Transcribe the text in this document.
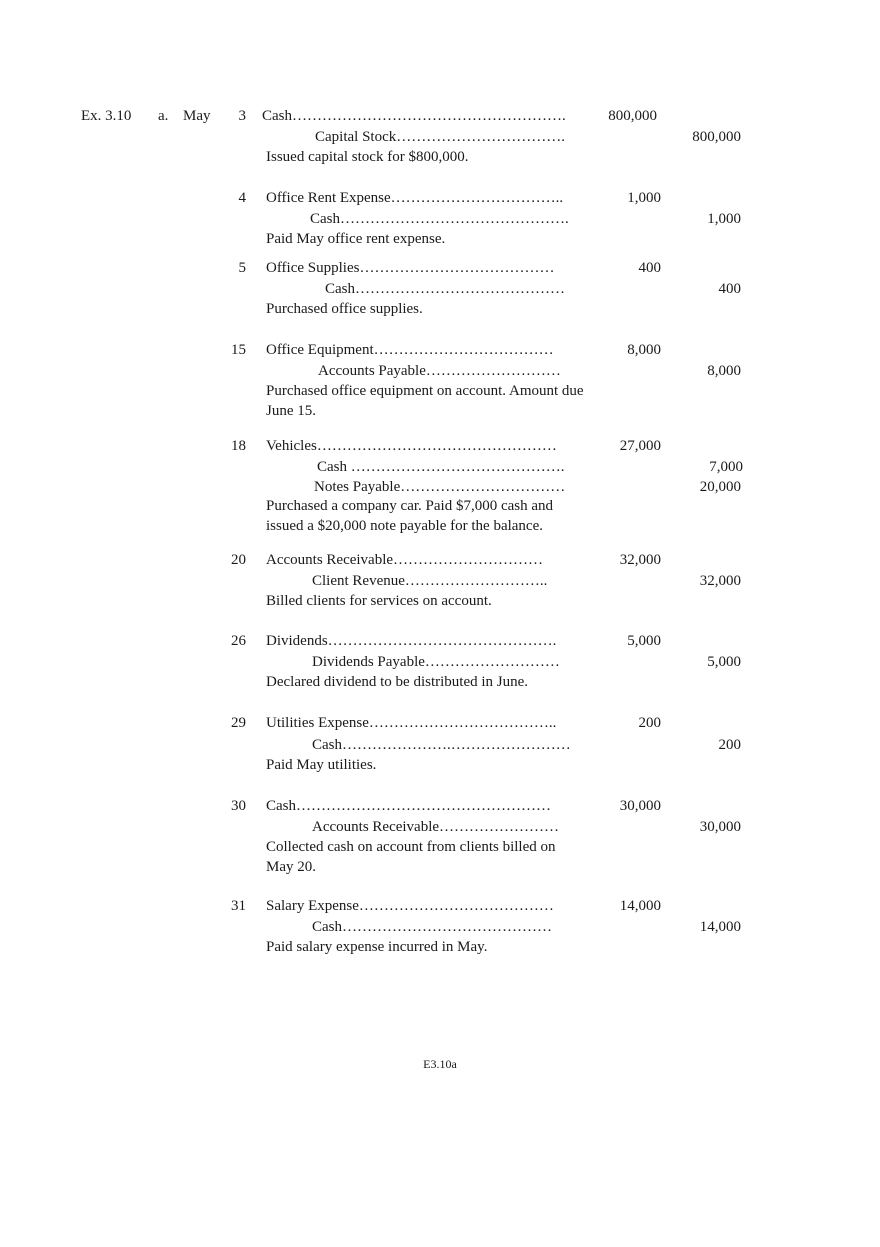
Ex. 3.10 a. May	3 Cash……………………………………………….	800,000
Capital Stock…………………………….	800,000
Issued capital stock for $800,000.
4 Office Rent Expense……………………………..	1,000
Cash……………………………………….	1,000
Paid May office rent expense.
5 Office Supplies…………………………………	400
Cash……………………………………	400
Purchased office supplies.
15 Office Equipment………………………………	8,000
Accounts Payable………………………	8,000
Purchased office equipment on account. Amount due June 15.
18 Vehicles…………………………………………	27,000
Cash …………………………………….	7,000
Notes Payable……………………………	20,000
Purchased a company car. Paid $7,000 cash and issued a $20,000 note payable for the balance.
20 Accounts Receivable…………………………	32,000
Client Revenue………………………..	32,000
Billed clients for services on account.
26 Dividends……………………………………….	5,000
Dividends Payable………………………	5,000
Declared dividend to be distributed in June.
29 Utilities Expense………………………………..	200
Cash………………….……………………	200
Paid May utilities.
30 Cash……………………………………………	30,000
Accounts Receivable……………………	30,000
Collected cash on account from clients billed on May 20.
31 Salary Expense…………………………………	14,000
Cash……………………………………	14,000
Paid salary expense incurred in May.
E3.10a
